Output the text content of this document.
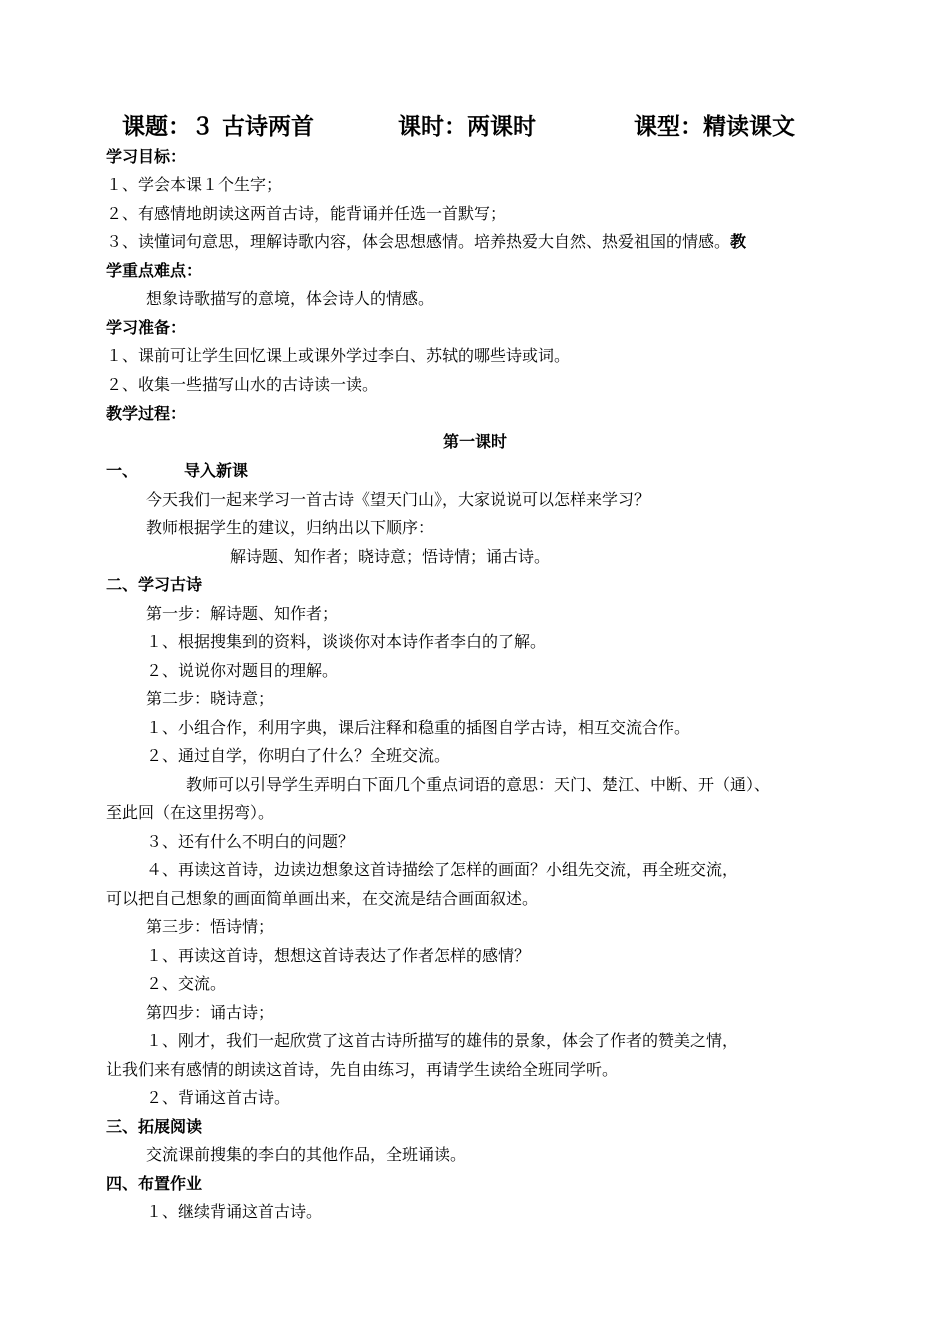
课题：３ 古诗两首	课时：两课时	课型：精读课文
学习目标：
１、学会本课１个生字；
２、有感情地朗读这两首古诗，能背诵并任选一首默写；
３、读懂词句意思，理解诗歌内容，体会思想感情。培养热爱大自然、热爱祖国的情感。教
学重点难点：
想象诗歌描写的意境，体会诗人的情感。
学习准备：
１、课前可让学生回忆课上或课外学过李白、苏轼的哪些诗或词。
２、收集一些描写山水的古诗读一读。
教学过程：
第一课时
一、	导入新课
今天我们一起来学习一首古诗《望天门山》，大家说说可以怎样来学习？
教师根据学生的建议，归纳出以下顺序：
解诗题、知作者；晓诗意；悟诗情；诵古诗。
二、学习古诗
第一步：解诗题、知作者；
１、根据搜集到的资料，谈谈你对本诗作者李白的了解。
２、说说你对题目的理解。
第二步：晓诗意；
１、小组合作，利用字典，课后注释和稳重的插图自学古诗，相互交流合作。
２、通过自学，你明白了什么？全班交流。
教师可以引导学生弄明白下面几个重点词语的意思：天门、楚江、中断、开（通）、
至此回（在这里拐弯）。
３、还有什么不明白的问题？
４、再读这首诗，边读边想象这首诗描绘了怎样的画面？小组先交流，再全班交流，
可以把自己想象的画面简单画出来，在交流是结合画面叙述。
第三步：悟诗情；
１、再读这首诗，想想这首诗表达了作者怎样的感情？
２、交流。
第四步：诵古诗；
１、刚才，我们一起欣赏了这首古诗所描写的雄伟的景象，体会了作者的赞美之情，
让我们来有感情的朗读这首诗，先自由练习，再请学生读给全班同学听。
２、背诵这首古诗。
三、拓展阅读
交流课前搜集的李白的其他作品，全班诵读。
四、布置作业
１、继续背诵这首古诗。
